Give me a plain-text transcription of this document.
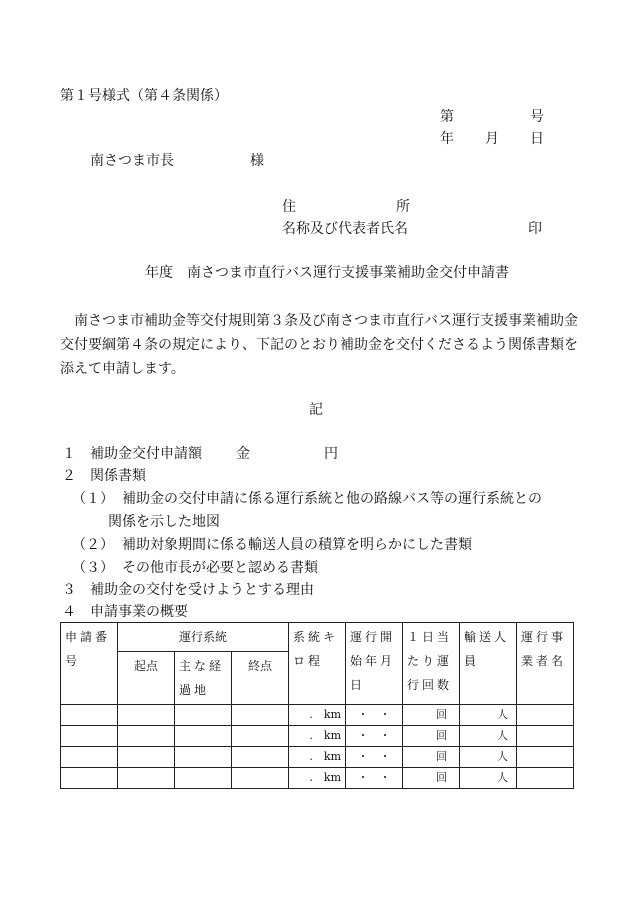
第１号様式（第４条関係）
第	号
年 月 日
南さつま市長	様
住	所
名称及び代表者氏名	印
年度　南さつま市直行バス運行支援事業補助金交付申請書
南さつま市補助金等交付規則第３条及び南さつま市直行バス運行支援事業補助金交付要綱第４条の規定により、下記のとおり補助金を交付くださるよう関係書類を添えて申請します。
記
１ 補助金交付申請額 金	円
２ 関係書類
（１） 補助金の交付申請に係る運行系統と他の路線バス等の運行系統との
関係を示した地図
（２） 補助対象期間に係る輸送人員の積算を明らかにした書類
（３） その他市長が必要と認める書類
３ 補助金の交付を受けようとする理由
４ 申請事業の概要
申請番号	運行系統			系統キロ程	運行開始年月日	１日当たり運行回数	輸送人員	運行事業者名
	起点	主な経過地	終点					
				.　km	・　・	回	人	
				.　km	・　・	回	人	
				.　km	・　・	回	人	
				.　km	・　・	回	人	
